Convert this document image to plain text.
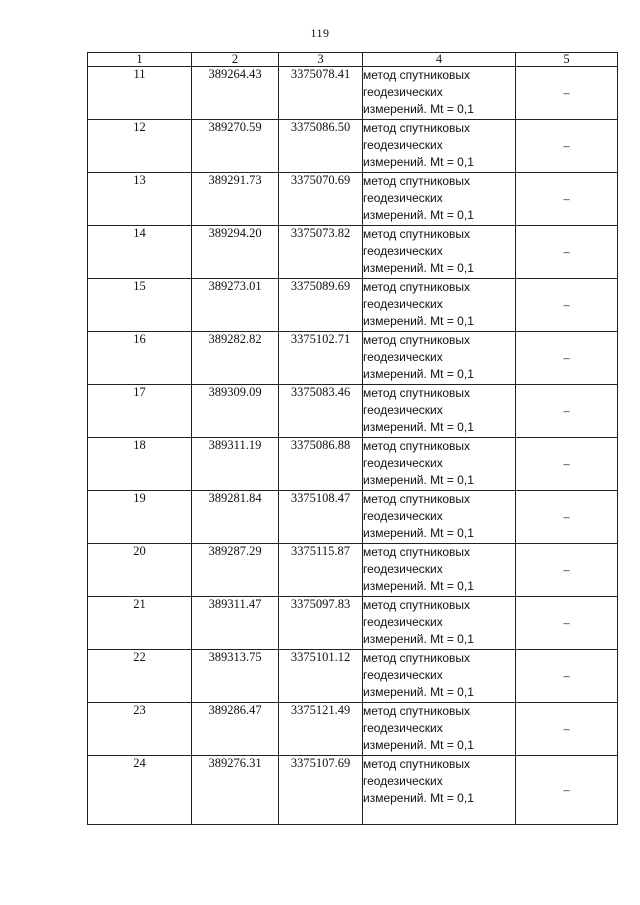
119
1	2	3	4	5
11	389264.43	3375078.41	метод спутниковых
геодезических
измерений. Mt = 0,1	–
12	389270.59	3375086.50	метод спутниковых
геодезических
измерений. Mt = 0,1	–
13	389291.73	3375070.69	метод спутниковых
геодезических
измерений. Mt = 0,1	–
14	389294.20	3375073.82	метод спутниковых
геодезических
измерений. Mt = 0,1	–
15	389273.01	3375089.69	метод спутниковых
геодезических
измерений. Mt = 0,1	–
16	389282.82	3375102.71	метод спутниковых
геодезических
измерений. Mt = 0,1	–
17	389309.09	3375083.46	метод спутниковых
геодезических
измерений. Mt = 0,1	–
18	389311.19	3375086.88	метод спутниковых
геодезических
измерений. Mt = 0,1	–
19	389281.84	3375108.47	метод спутниковых
геодезических
измерений. Mt = 0,1	–
20	389287.29	3375115.87	метод спутниковых
геодезических
измерений. Mt = 0,1	–
21	389311.47	3375097.83	метод спутниковых
геодезических
измерений. Mt = 0,1	–
22	389313.75	3375101.12	метод спутниковых
геодезических
измерений. Mt = 0,1	–
23	389286.47	3375121.49	метод спутниковых
геодезических
измерений. Mt = 0,1	–
24	389276.31	3375107.69	метод спутниковых
геодезических
измерений. Mt = 0,1	–
